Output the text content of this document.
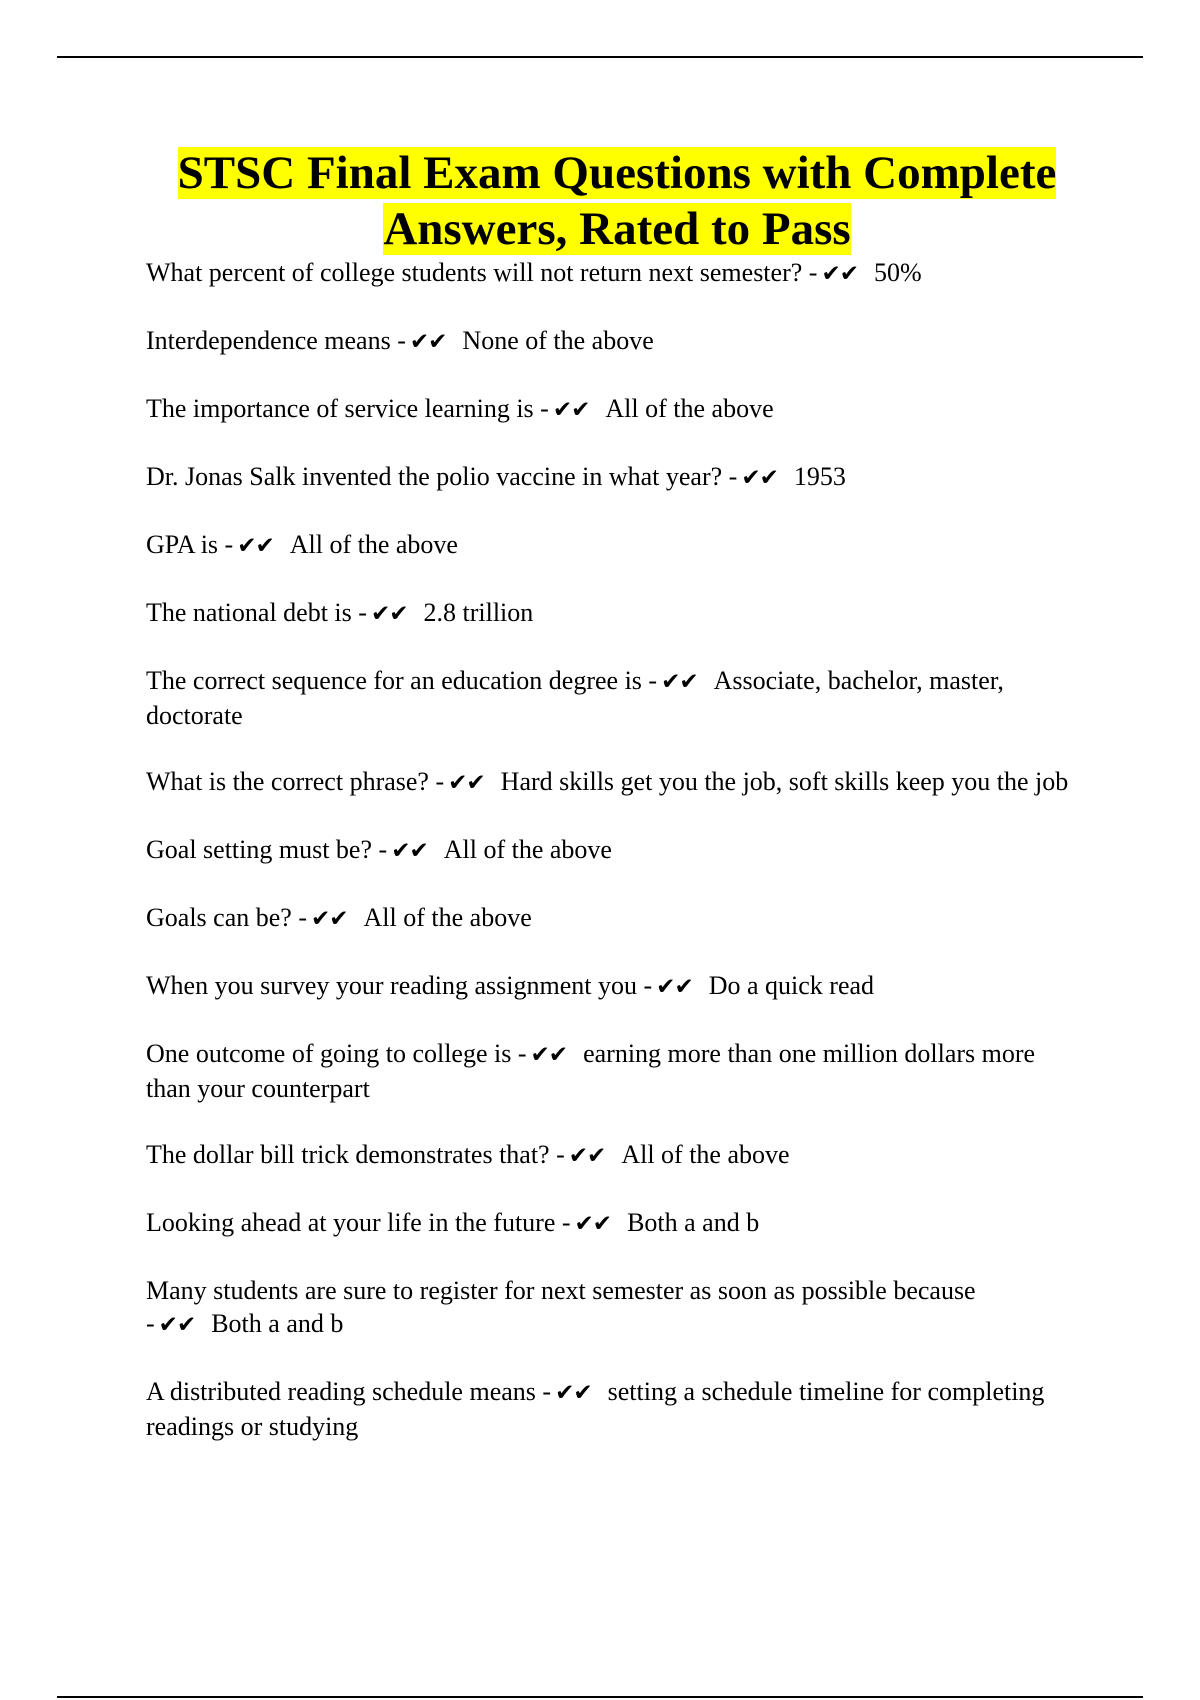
STSC Final Exam Questions with Complete
Answers, Rated to Pass

What percent of college students will not return next semester? - ✔✔ 50%

Interdependence means - ✔✔ None of the above

The importance of service learning is - ✔✔ All of the above

Dr. Jonas Salk invented the polio vaccine in what year? - ✔✔ 1953

GPA is - ✔✔ All of the above

The national debt is - ✔✔ 2.8 trillion

The correct sequence for an education degree is - ✔✔ Associate, bachelor, master, doctorate

What is the correct phrase? - ✔✔ Hard skills get you the job, soft skills keep you the job

Goal setting must be? - ✔✔ All of the above

Goals can be? - ✔✔ All of the above

When you survey your reading assignment you - ✔✔ Do a quick read

One outcome of going to college is - ✔✔ earning more than one million dollars more than your counterpart

The dollar bill trick demonstrates that? - ✔✔ All of the above

Looking ahead at your life in the future - ✔✔ Both a and b

Many students are sure to register for next semester as soon as possible because - ✔✔ Both a and b

A distributed reading schedule means - ✔✔ setting a schedule timeline for completing readings or studying
